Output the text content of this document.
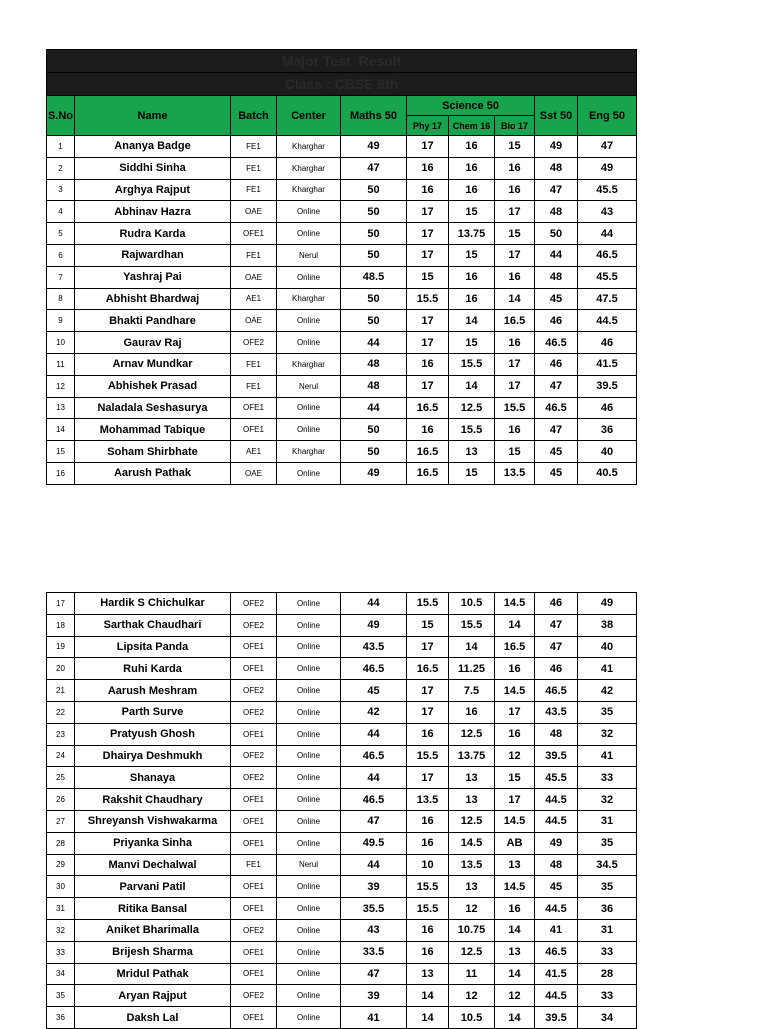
Major Test_Result									
Class : CBSE 8th									
S.No	Name	Batch	Center	Maths 50	Science 50			Sst 50	Eng 50
					Phy 17	Chem 16	Bio 17		
1	Ananya Badge	FE1	Kharghar	49	17	16	15	49	47
2	Siddhi Sinha	FE1	Kharghar	47	16	16	16	48	49
3	Arghya Rajput	FE1	Kharghar	50	16	16	16	47	45.5
4	Abhinav Hazra	OAE	Online	50	17	15	17	48	43
5	Rudra Karda	OFE1	Online	50	17	13.75	15	50	44
6	Rajwardhan	FE1	Nerul	50	17	15	17	44	46.5
7	Yashraj Pai	OAE	Online	48.5	15	16	16	48	45.5
8	Abhisht Bhardwaj	AE1	Kharghar	50	15.5	16	14	45	47.5
9	Bhakti Pandhare	OAE	Online	50	17	14	16.5	46	44.5
10	Gaurav Raj	OFE2	Online	44	17	15	16	46.5	46
11	Arnav Mundkar	FE1	Kharghar	48	16	15.5	17	46	41.5
12	Abhishek Prasad	FE1	Nerul	48	17	14	17	47	39.5
13	Naladala Seshasurya	OFE1	Online	44	16.5	12.5	15.5	46.5	46
14	Mohammad Tabique	OFE1	Online	50	16	15.5	16	47	36
15	Soham Shirbhate	AE1	Kharghar	50	16.5	13	15	45	40
16	Aarush Pathak	OAE	Online	49	16.5	15	13.5	45	40.5
17	Hardik S Chichulkar	OFE2	Online	44	15.5	10.5	14.5	46	49
18	Sarthak Chaudhari	OFE2	Online	49	15	15.5	14	47	38
19	Lipsita Panda	OFE1	Online	43.5	17	14	16.5	47	40
20	Ruhi Karda	OFE1	Online	46.5	16.5	11.25	16	46	41
21	Aarush Meshram	OFE2	Online	45	17	7.5	14.5	46.5	42
22	Parth Surve	OFE2	Online	42	17	16	17	43.5	35
23	Pratyush Ghosh	OFE1	Online	44	16	12.5	16	48	32
24	Dhairya Deshmukh	OFE2	Online	46.5	15.5	13.75	12	39.5	41
25	Shanaya	OFE2	Online	44	17	13	15	45.5	33
26	Rakshit Chaudhary	OFE1	Online	46.5	13.5	13	17	44.5	32
27	Shreyansh Vishwakarma	OFE1	Online	47	16	12.5	14.5	44.5	31
28	Priyanka Sinha	OFE1	Online	49.5	16	14.5	AB	49	35
29	Manvi Dechalwal	FE1	Nerul	44	10	13.5	13	48	34.5
30	Parvani Patil	OFE1	Online	39	15.5	13	14.5	45	35
31	Ritika Bansal	OFE1	Online	35.5	15.5	12	16	44.5	36
32	Aniket Bharimalla	OFE2	Online	43	16	10.75	14	41	31
33	Brijesh Sharma	OFE1	Online	33.5	16	12.5	13	46.5	33
34	Mridul Pathak	OFE1	Online	47	13	11	14	41.5	28
35	Aryan Rajput	OFE2	Online	39	14	12	12	44.5	33
36	Daksh Lal	OFE1	Online	41	14	10.5	14	39.5	34
